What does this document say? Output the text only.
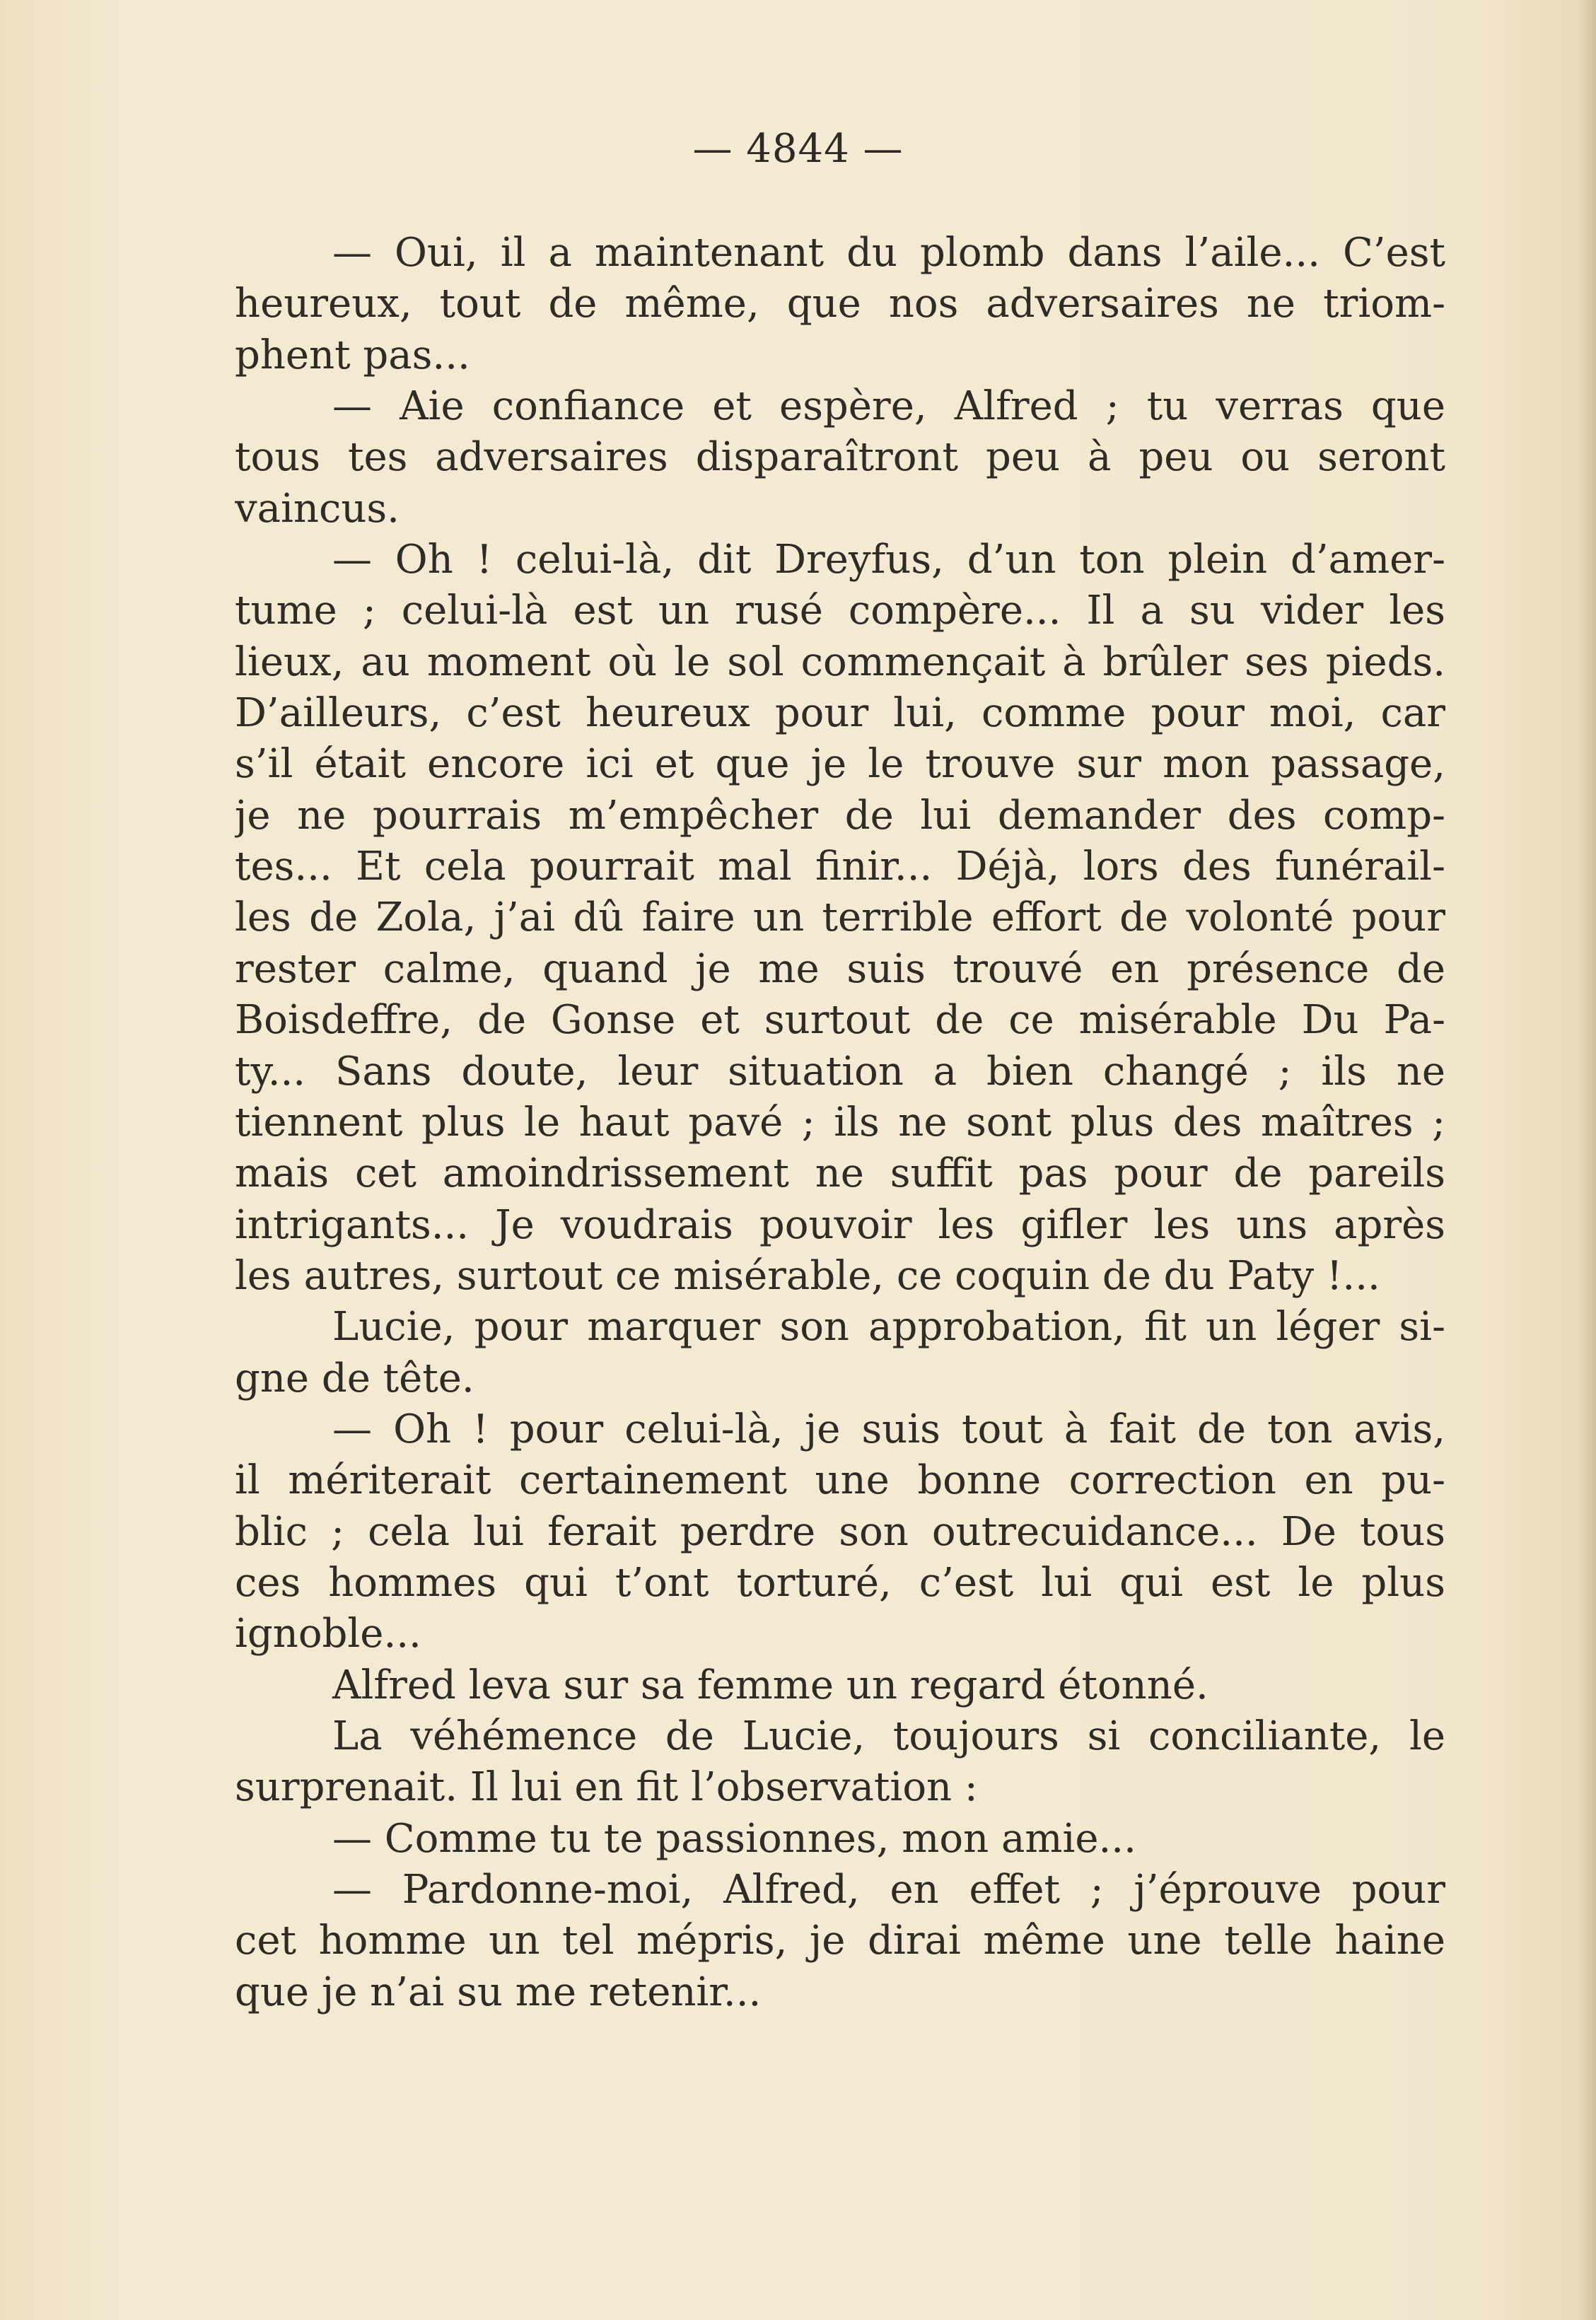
— 4844 —
— Oui, il a maintenant du plomb dans l’aile... C’est
heureux, tout de même, que nos adversaires ne triom-
phent pas...
— Aie confiance et espère, Alfred ; tu verras que
tous tes adversaires disparaîtront peu à peu ou seront
vaincus.
— Oh ! celui-là, dit Dreyfus, d’un ton plein d’amer-
tume ; celui-là est un rusé compère... Il a su vider les
lieux, au moment où le sol commençait à brûler ses pieds.
D’ailleurs, c’est heureux pour lui, comme pour moi, car
s’il était encore ici et que je le trouve sur mon passage,
je ne pourrais m’empêcher de lui demander des comp-
tes... Et cela pourrait mal finir... Déjà, lors des funérail-
les de Zola, j’ai dû faire un terrible effort de volonté pour
rester calme, quand je me suis trouvé en présence de
Boisdeffre, de Gonse et surtout de ce misérable Du Pa-
ty... Sans doute, leur situation a bien changé ; ils ne
tiennent plus le haut pavé ; ils ne sont plus des maîtres ;
mais cet amoindrissement ne suffit pas pour de pareils
intrigants... Je voudrais pouvoir les gifler les uns après
les autres, surtout ce misérable, ce coquin de du Paty !...
Lucie, pour marquer son approbation, fit un léger si-
gne de tête.
— Oh ! pour celui-là, je suis tout à fait de ton avis,
il mériterait certainement une bonne correction en pu-
blic ; cela lui ferait perdre son outrecuidance... De tous
ces hommes qui t’ont torturé, c’est lui qui est le plus
ignoble...
Alfred leva sur sa femme un regard étonné.
La véhémence de Lucie, toujours si conciliante, le
surprenait. Il lui en fit l’observation :
— Comme tu te passionnes, mon amie...
— Pardonne-moi, Alfred, en effet ; j’éprouve pour
cet homme un tel mépris, je dirai même une telle haine
que je n’ai su me retenir...
